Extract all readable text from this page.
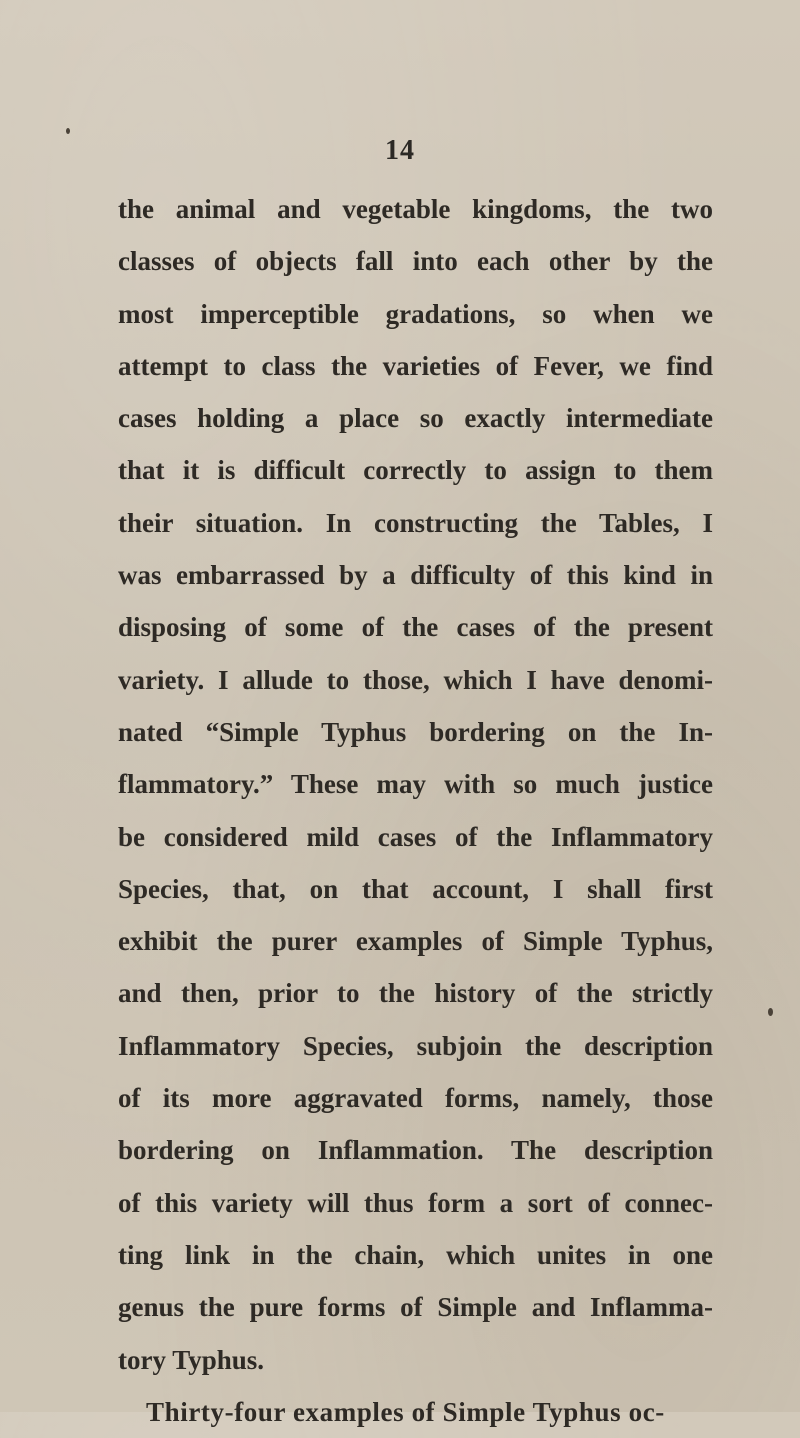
14
the animal and vegetable kingdoms, the two
classes of objects fall into each other by the
most imperceptible gradations, so when we
attempt to class the varieties of Fever, we find
cases holding a place so exactly intermediate
that it is difficult correctly to assign to them
their situation. In constructing the Tables, I
was embarrassed by a difficulty of this kind in
disposing of some of the cases of the present
variety. I allude to those, which I have denomi-
nated “Simple Typhus bordering on the In-
flammatory.” These may with so much justice
be considered mild cases of the Inflammatory
Species, that, on that account, I shall first
exhibit the purer examples of Simple Typhus,
and then, prior to the history of the strictly
Inflammatory Species, subjoin the description
of its more aggravated forms, namely, those
bordering on Inflammation. The description
of this variety will thus form a sort of connec-
ting link in the chain, which unites in one
genus the pure forms of Simple and Inflamma-
tory Typhus.
Thirty-four examples of Simple Typhus oc-
